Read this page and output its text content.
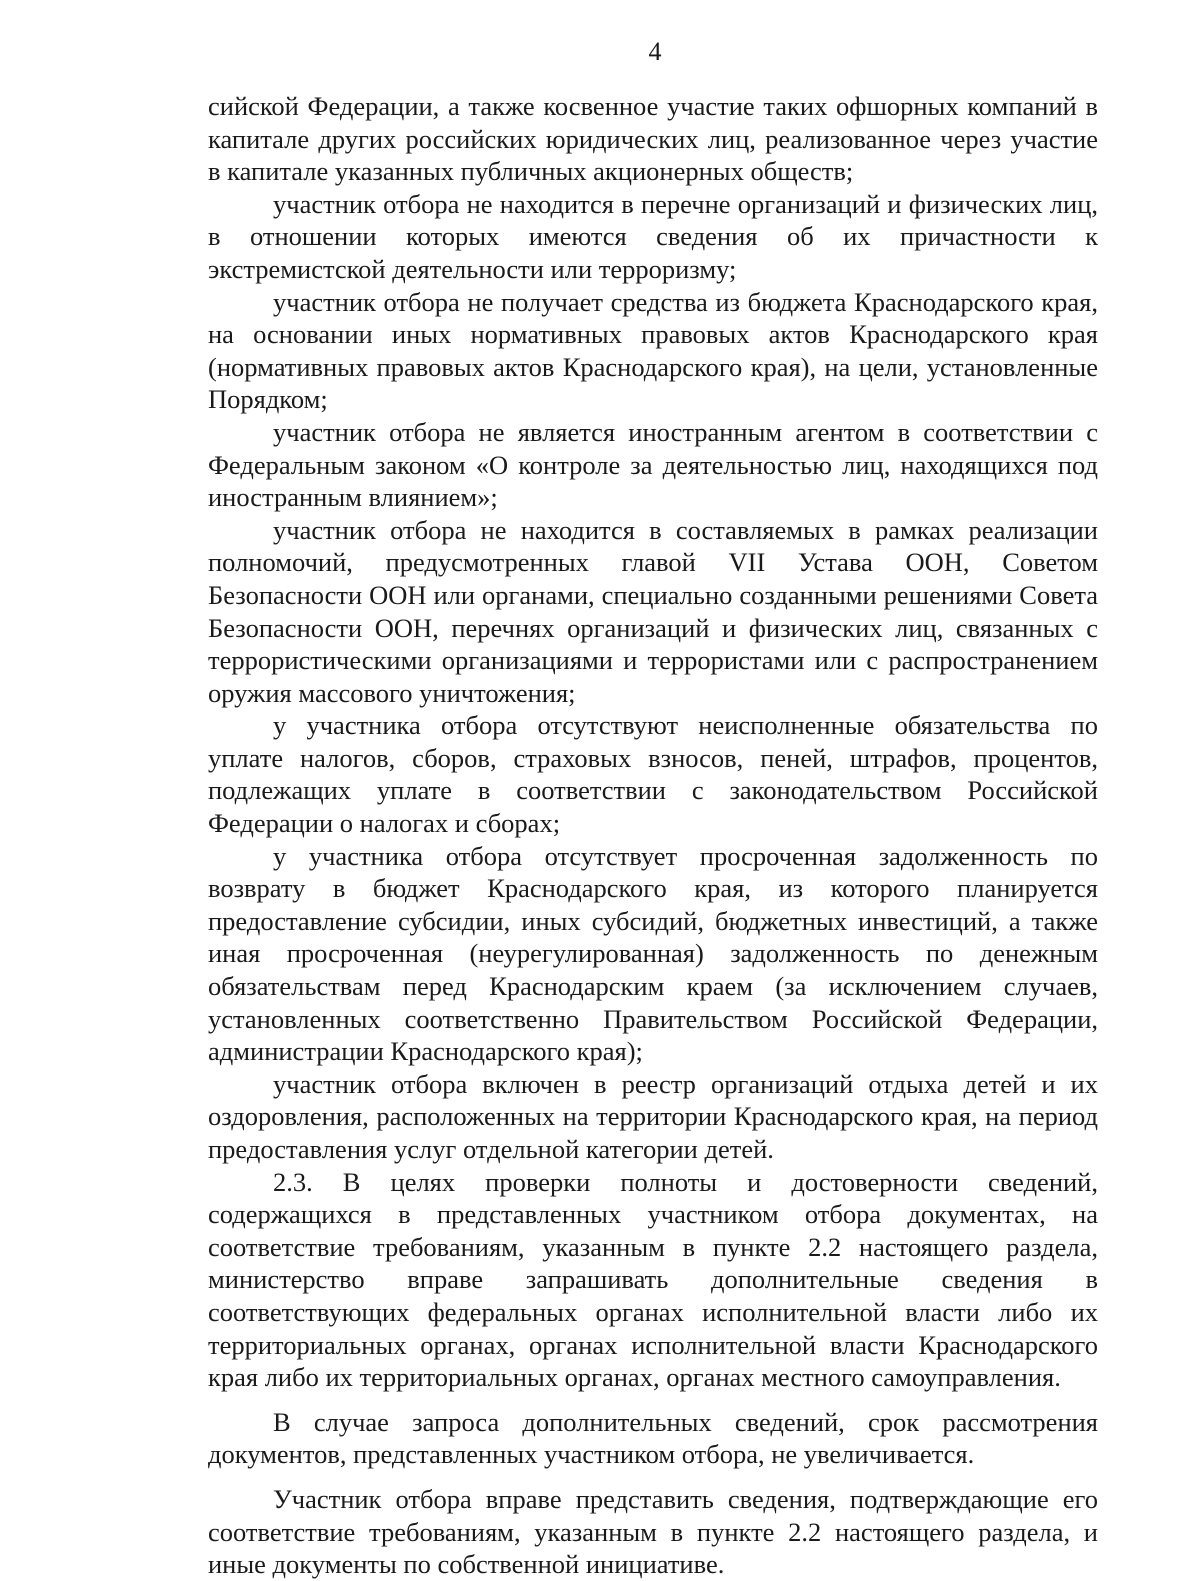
4

сийской Федерации, а также косвенное участие таких офшорных компаний в капитале других российских юридических лиц, реализованное через участие в капитале указанных публичных акционерных обществ;

участник отбора не находится в перечне организаций и физических лиц, в отношении которых имеются сведения об их причастности к экстремистской деятельности или терроризму;

участник отбора не получает средства из бюджета Краснодарского края, на основании иных нормативных правовых актов Краснодарского края (нормативных правовых актов Краснодарского края), на цели, установленные Порядком;

участник отбора не является иностранным агентом в соответствии с Федеральным законом «О контроле за деятельностью лиц, находящихся под иностранным влиянием»;

участник отбора не находится в составляемых в рамках реализации полномочий, предусмотренных главой VII Устава ООН, Советом Безопасности ООН или органами, специально созданными решениями Совета Безопасности ООН, перечнях организаций и физических лиц, связанных с террористическими организациями и террористами или с распространением оружия массового уничтожения;

у участника отбора отсутствуют неисполненные обязательства по уплате налогов, сборов, страховых взносов, пеней, штрафов, процентов, подлежащих уплате в соответствии с законодательством Российской Федерации о налогах и сборах;

у участника отбора отсутствует просроченная задолженность по возврату в бюджет Краснодарского края, из которого планируется предоставление субсидии, иных субсидий, бюджетных инвестиций, а также иная просроченная (неурегулированная) задолженность по денежным обязательствам перед Краснодарским краем (за исключением случаев, установленных соответственно Правительством Российской Федерации, администрации Краснодарского края);

участник отбора включен в реестр организаций отдыха детей и их оздоровления, расположенных на территории Краснодарского края, на период предоставления услуг отдельной категории детей.

2.3. В целях проверки полноты и достоверности сведений, содержащихся в представленных участником отбора документах, на соответствие требованиям, указанным в пункте 2.2 настоящего раздела, министерство вправе запрашивать дополнительные сведения в соответствующих федеральных органах исполнительной власти либо их территориальных органах, органах исполнительной власти Краснодарского края либо их территориальных органах, органах местного самоуправления.

В случае запроса дополнительных сведений, срок рассмотрения документов, представленных участником отбора, не увеличивается.

Участник отбора вправе представить сведения, подтверждающие его соответствие требованиям, указанным в пункте 2.2 настоящего раздела, и иные документы по собственной инициативе.
